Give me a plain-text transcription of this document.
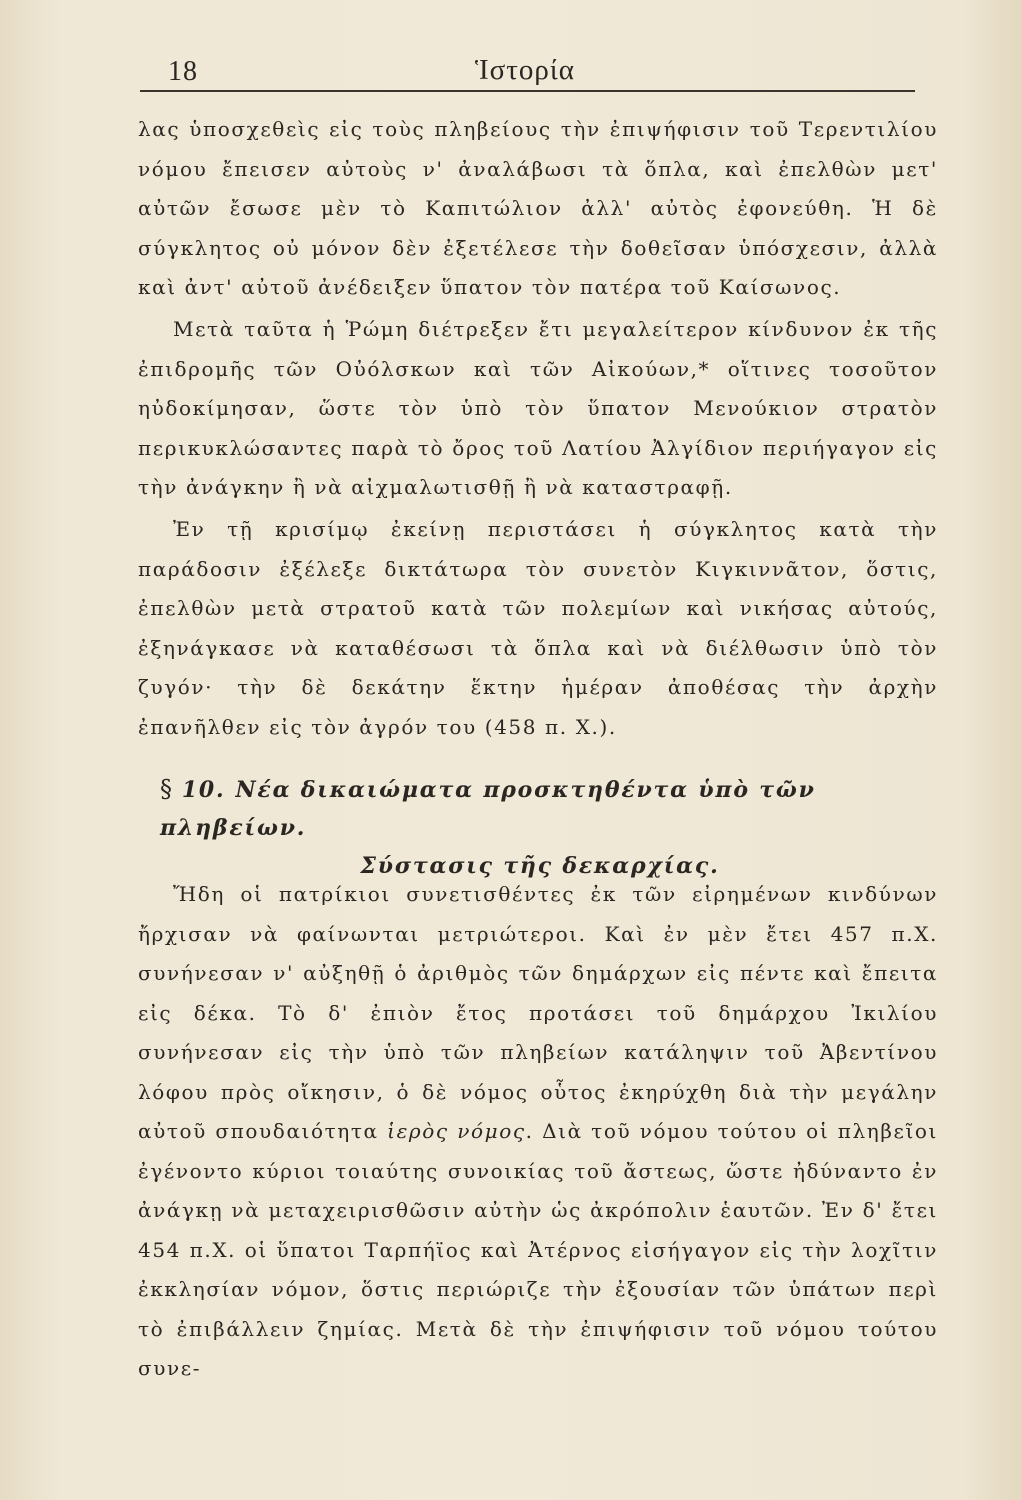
18	Ἱστορία

λας ὑποσχεθεὶς εἰς τοὺς πληβείους τὴν ἐπιψήφισιν τοῦ Τερεντιλίου νόμου ἔπεισεν αὐτοὺς ν' ἀναλάβωσι τὰ ὅπλα, καὶ ἐπελθὼν μετ' αὐτῶν ἔσωσε μὲν τὸ Καπιτώλιον ἀλλ' αὐτὸς ἐφονεύθη. Ἡ δὲ σύγκλητος οὐ μόνον δὲν ἐξετέλεσε τὴν δοθεῖσαν ὑπόσχεσιν, ἀλλὰ καὶ ἀντ' αὐτοῦ ἀνέδειξεν ὕπατον τὸν πατέρα τοῦ Καίσωνος.

Μετὰ ταῦτα ἡ Ῥώμη διέτρεξεν ἔτι μεγαλείτερον κίνδυνον ἐκ τῆς ἐπιδρομῆς τῶν Οὐόλσκων καὶ τῶν Αἰκούων,* οἵτινες τοσοῦτον ηὐδοκίμησαν, ὥστε τὸν ὑπὸ τὸν ὕπατον Μενούκιον στρατὸν περικυκλώσαντες παρὰ τὸ ὄρος τοῦ Λατίου Ἀλγίδιον περιήγαγον εἰς τὴν ἀνάγκην ἢ νὰ αἰχμαλωτισθῇ ἢ νὰ καταστραφῇ.

Ἐν τῇ κρισίμῳ ἐκείνῃ περιστάσει ἡ σύγκλητος κατὰ τὴν παράδοσιν ἐξέλεξε δικτάτωρα τὸν συνετὸν Κιγκιννᾶτον, ὅστις, ἐπελθὼν μετὰ στρατοῦ κατὰ τῶν πολεμίων καὶ νικήσας αὐτούς, ἐξηνάγκασε νὰ καταθέσωσι τὰ ὅπλα καὶ νὰ διέλθωσιν ὑπὸ τὸν ζυγόν· τὴν δὲ δεκάτην ἕκτην ἡμέραν ἀποθέσας τὴν ἀρχὴν ἐπανῆλθεν εἰς τὸν ἀγρόν του (458 π. Χ.).

§ 10. Νέα δικαιώματα προσκτηθέντα ὑπὸ τῶν πληβείων.
Σύστασις τῆς δεκαρχίας.

Ἤδη οἱ πατρίκιοι συνετισθέντες ἐκ τῶν εἰρημένων κινδύνων ἤρχισαν νὰ φαίνωνται μετριώτεροι. Καὶ ἐν μὲν ἔτει 457 π.Χ. συνήνεσαν ν' αὐξηθῇ ὁ ἀριθμὸς τῶν δημάρχων εἰς πέντε καὶ ἔπειτα εἰς δέκα. Τὸ δ' ἐπιὸν ἔτος προτάσει τοῦ δημάρχου Ἰκιλίου συνήνεσαν εἰς τὴν ὑπὸ τῶν πληβείων κατάληψιν τοῦ Ἀβεντίνου λόφου πρὸς οἴκησιν, ὁ δὲ νόμος οὗτος ἐκηρύχθη διὰ τὴν μεγάλην αὐτοῦ σπουδαιότητα ἱερὸς νόμος. Διὰ τοῦ νόμου τούτου οἱ πληβεῖοι ἐγένοντο κύριοι τοιαύτης συνοικίας τοῦ ἄστεως, ὥστε ἠδύναντο ἐν ἀνάγκῃ νὰ μεταχειρισθῶσιν αὐτὴν ὡς ἀκρόπολιν ἑαυτῶν. Ἐν δ' ἔτει 454 π.Χ. οἱ ὕπατοι Ταρπήϊος καὶ Ἀτέρνος εἰσήγαγον εἰς τὴν λοχῖτιν ἐκκλησίαν νόμον, ὅστις περιώριζε τὴν ἐξουσίαν τῶν ὑπάτων περὶ τὸ ἐπιβάλλειν ζημίας. Μετὰ δὲ τὴν ἐπιψήφισιν τοῦ νόμου τούτου συνε-
